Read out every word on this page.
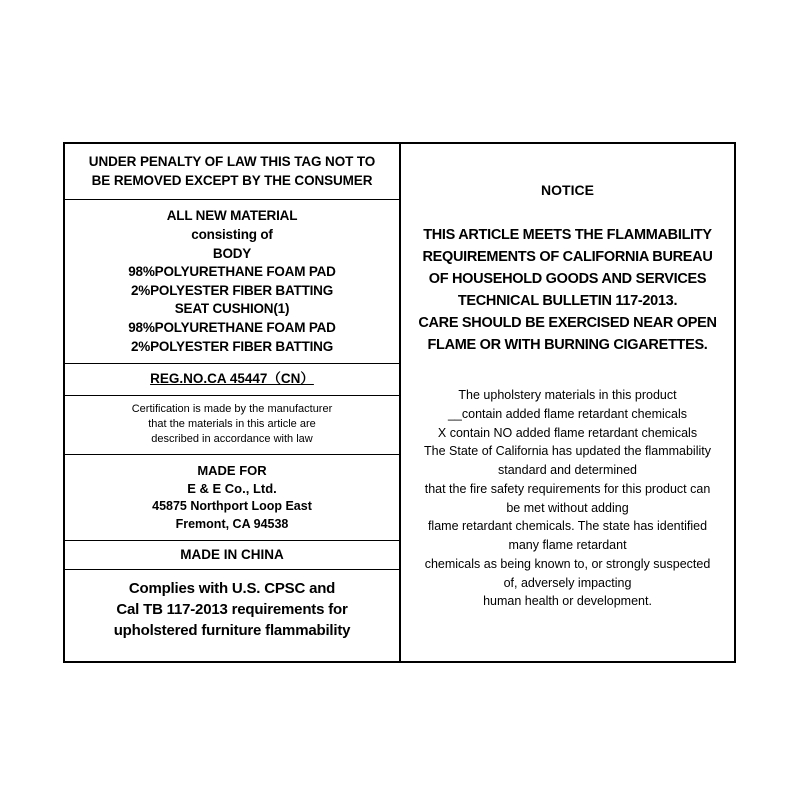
UNDER PENALTY OF LAW THIS TAG NOT TO
BE REMOVED EXCEPT BY THE CONSUMER
ALL NEW MATERIAL
consisting of
BODY
98%POLYURETHANE FOAM PAD
2%POLYESTER FIBER BATTING
SEAT CUSHION(1)
98%POLYURETHANE FOAM PAD
2%POLYESTER FIBER BATTING
REG.NO.CA 45447（CN）
Certification is made by the manufacturer
that the materials in this article are
described in accordance with law
MADE FOR
E & E Co., Ltd.
45875 Northport Loop East
Fremont, CA 94538
MADE IN CHINA
Complies with U.S. CPSC and
Cal TB 117-2013 requirements for
upholstered furniture flammability
NOTICE
THIS ARTICLE MEETS THE FLAMMABILITY
REQUIREMENTS OF CALIFORNIA BUREAU
OF HOUSEHOLD GOODS AND SERVICES
TECHNICAL BULLETIN 117-2013.
CARE SHOULD BE EXERCISED NEAR OPEN
FLAME OR WITH BURNING CIGARETTES.
The upholstery materials in this product
__contain added flame retardant chemicals
X contain NO added flame retardant chemicals
The State of California has updated the flammability
standard and determined
that the fire safety requirements for this product can
be met without adding
flame retardant chemicals. The state has identified
many flame retardant
chemicals as being known to, or strongly suspected
of, adversely impacting
human health or development.
